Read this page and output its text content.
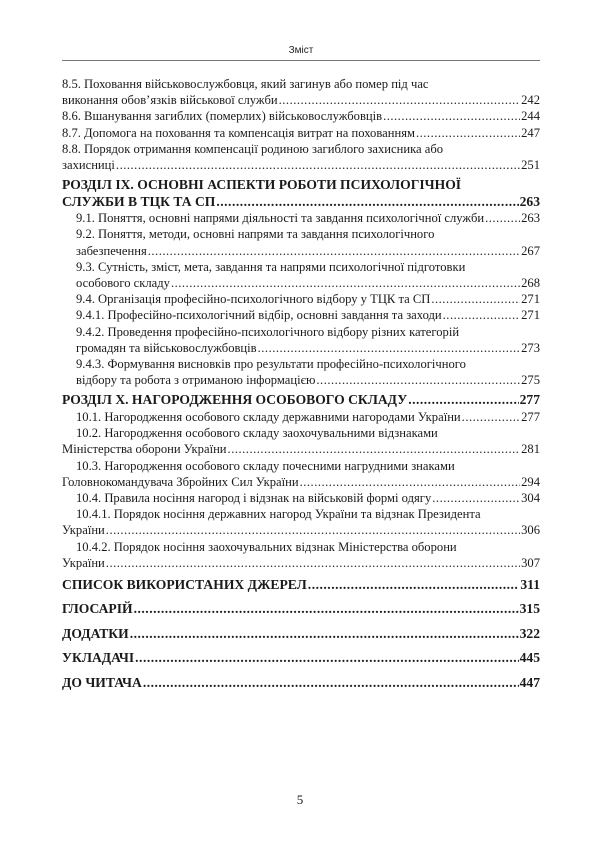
Зміст
8.5. Поховання військовослужбовця, який загинув або помер під час
виконання обов’язків військової служби .....	242
8.6. Вшанування загиблих (померлих) військовослужбовців .....	244
8.7. Допомога на поховання та компенсація витрат на похованням .....	247
8.8. Порядок отримання компенсації родиною загиблого захисника або
захисниці .....	251
РОЗДІЛ IX. ОСНОВНІ АСПЕКТИ РОБОТИ ПСИХОЛОГІЧНОЇ
СЛУЖБИ В ТЦК ТА СП .....	263
9.1. Поняття, основні напрями діяльності та завдання психологічної служби .....	263
9.2. Поняття, методи, основні напрями та завдання психологічного
забезпечення .....	267
9.3. Сутність, зміст, мета, завдання та напрями психологічної підготовки
особового складу .....	268
9.4. Організація професійно-психологічного відбору у ТЦК та СП .....	271
9.4.1. Професійно-психологічний відбір, основні завдання та заходи .....	271
9.4.2. Проведення професійно-психологічного відбору різних категорій
громадян та військовослужбовців .....	273
9.4.3. Формування висновків про результати професійно-психологічного
відбору та робота з отриманою інформацією .....	275
РОЗДІЛ X. НАГОРОДЖЕННЯ ОСОБОВОГО СКЛАДУ .....	277
10.1. Нагородження особового складу державними нагородами України .....	277
10.2. Нагородження особового складу заохочувальними відзнаками
Міністерства оборони України .....	281
10.3. Нагородження особового складу почесними нагрудними знаками
Головнокомандувача Збройних Сил України .....	294
10.4. Правила носіння нагород і відзнак на військовій формі одягу .....	304
10.4.1. Порядок носіння державних нагород України та відзнак Президента
України .....	306
10.4.2. Порядок носіння заохочувальних відзнак Міністерства оборони
України .....	307
СПИСОК ВИКОРИСТАНИХ ДЖЕРЕЛ .....	311
ГЛОСАРІЙ .....	315
ДОДАТКИ .....	322
УКЛАДАЧІ .....	445
ДО ЧИТАЧА .....	447
5
